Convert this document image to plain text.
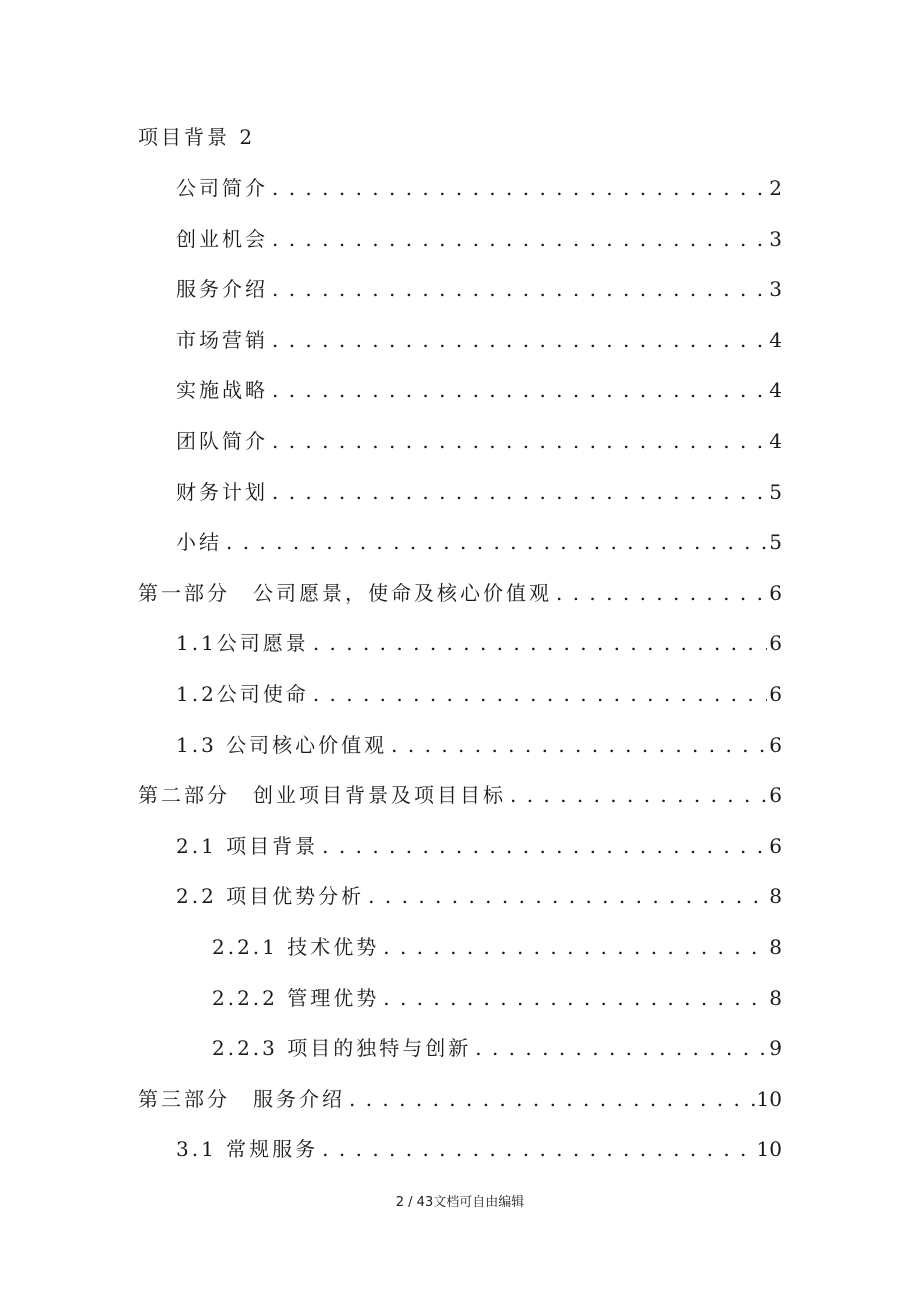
项目背景 2
公司简介 . . .	2
创业机会 . . .	3
服务介绍 . . .	3
市场营销 . . .	4
实施战略 . . .	4
团队简介 . . .	4
财务计划 . . .	5
小结 . . .	5
第一部分　公司愿景，使命及核心价值观 . . .	6
1.1公司愿景 . . .	6
1.2公司使命 . . .	6
1.3 公司核心价值观 . . .	6
第二部分　创业项目背景及项目目标 . . .	6
2.1 项目背景 . . .	6
2.2 项目优势分析 . . .	8
2.2.1 技术优势 . . .	8
2.2.2 管理优势 . . .	8
2.2.3 项目的独特与创新 . . .	9
第三部分　服务介绍 . . .	10
3.1 常规服务 . . .	10
2 / 43文档可自由编辑
